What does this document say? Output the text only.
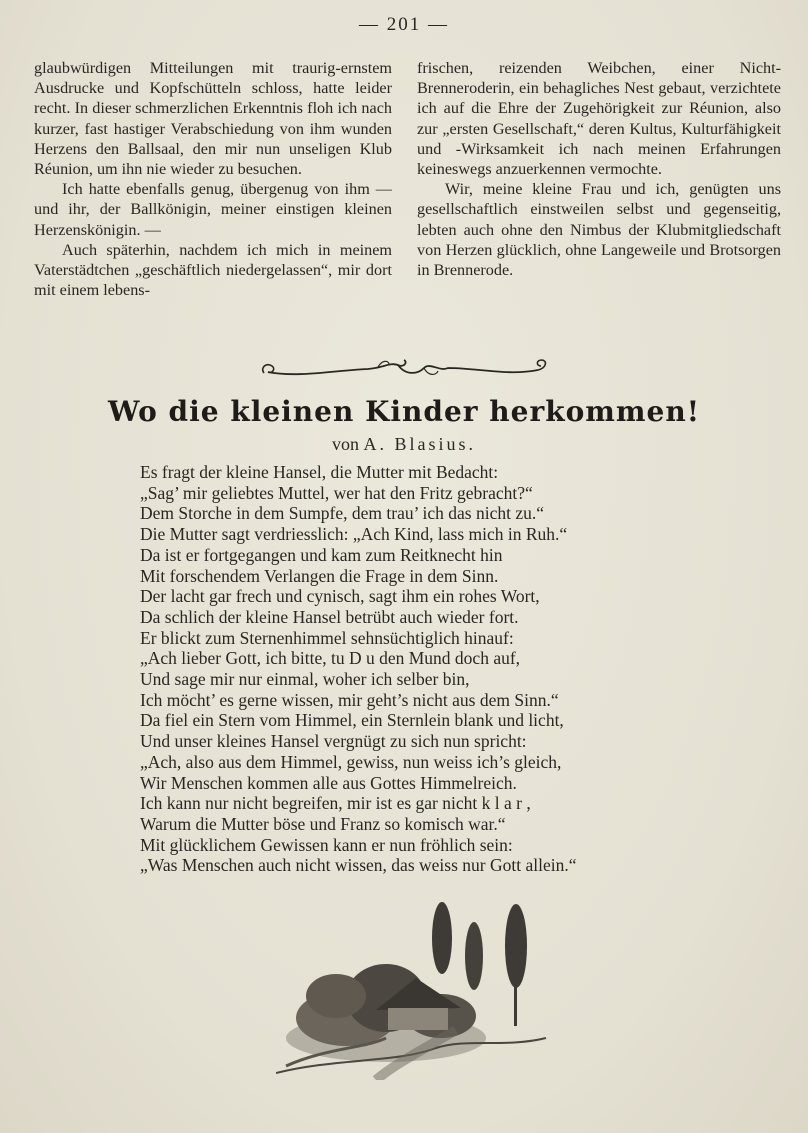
— 201 —

glaubwürdigen Mitteilungen mit traurig-ernstem Ausdrucke und Kopfschütteln schloss, hatte leider recht. In dieser schmerzlichen Erkenntnis floh ich nach kurzer, fast hastiger Verabschiedung von ihm wunden Herzens den Ballsaal, den mir nun unseligen Klub Réunion, um ihn nie wieder zu besuchen.

Ich hatte ebenfalls genug, übergenug von ihm — und ihr, der Ballkönigin, meiner einstigen kleinen Herzenskönigin. —

Auch späterhin, nachdem ich mich in meinem Vaterstädtchen „geschäftlich niedergelassen“, mir dort mit einem lebens-

frischen, reizenden Weibchen, einer Nicht-Brenneroderin, ein behagliches Nest gebaut, verzichtete ich auf die Ehre der Zugehörigkeit zur Réunion, also zur „ersten Gesellschaft,“ deren Kultus, Kulturfähigkeit und -Wirksamkeit ich nach meinen Erfahrungen keineswegs anzuerkennen vermochte.

Wir, meine kleine Frau und ich, genügten uns gesellschaftlich einstweilen selbst und gegenseitig, lebten auch ohne den Nimbus der Klubmitgliedschaft von Herzen glücklich, ohne Langeweile und Brotsorgen in Brennerode.

Wo die kleinen Kinder herkommen!
von A. Blasius.
Es fragt der kleine Hansel, die Mutter mit Bedacht:
„Sag’ mir geliebtes Muttel, wer hat den Fritz gebracht?“
Dem Storche in dem Sumpfe, dem trau’ ich das nicht zu.“
Die Mutter sagt verdriesslich: „Ach Kind, lass mich in Ruh.“
Da ist er fortgegangen und kam zum Reitknecht hin
Mit forschendem Verlangen die Frage in dem Sinn.
Der lacht gar frech und cynisch, sagt ihm ein rohes Wort,
Da schlich der kleine Hansel betrübt auch wieder fort.
Er blickt zum Sternenhimmel sehnsüchtiglich hinauf:
„Ach lieber Gott, ich bitte, tu D u den Mund doch auf,
Und sage mir nur einmal, woher ich selber bin,
Ich möcht’ es gerne wissen, mir geht’s nicht aus dem Sinn.“
Da fiel ein Stern vom Himmel, ein Sternlein blank und licht,
Und unser kleines Hansel vergnügt zu sich nun spricht:
„Ach, also aus dem Himmel, gewiss, nun weiss ich’s gleich,
Wir Menschen kommen alle aus Gottes Himmelreich.
Ich kann nur nicht begreifen, mir ist es gar nicht k l a r ,
Warum die Mutter böse und Franz so komisch war.“
Mit glücklichem Gewissen kann er nun fröhlich sein:
„Was Menschen auch nicht wissen, das weiss nur Gott allein.“
